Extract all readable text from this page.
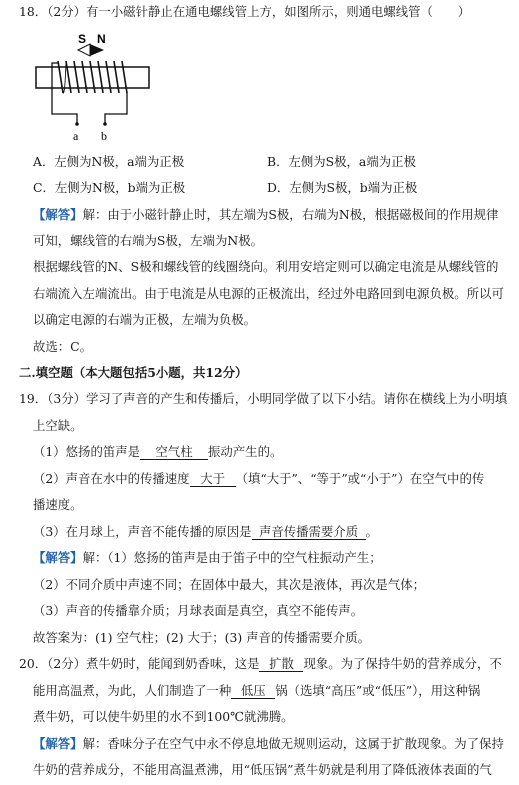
18．（2分）有一小磁针静止在通电螺线管上方，如图所示，则通电螺线管（　　）
S N
a b
A．左侧为N极，a端为正极	B．左侧为S极，a端为正极
C．左侧为N极，b端为正极	D．左侧为S极，b端为正极
【解答】解：由于小磁针静止时，其左端为S极，右端为N极，根据磁极间的作用规律
可知，螺线管的右端为S极，左端为N极。
根据螺线管的N、S极和螺线管的线圈绕向。利用安培定则可以确定电流是从螺线管的
右端流入左端流出。由于电流是从电源的正极流出，经过外电路回到电源负极。所以可
以确定电源的右端为正极，左端为负极。
故选：C。
二.填空题（本大题包括5小题，共12分）
19．（3分）学习了声音的产生和传播后，小明同学做了以下小结。请你在横线上为小明填
上空缺。
（1）悠扬的笛声是 空气柱 振动产生的。
（2）声音在水中的传播速度 大于 （填“大于”、“等于”或“小于”）在空气中的传
播速度。
（3）在月球上，声音不能传播的原因是 声音传播需要介质 。
【解答】解：（1）悠扬的笛声是由于笛子中的空气柱振动产生；
（2）不同介质中声速不同；在固体中最大，其次是液体，再次是气体；
（3）声音的传播靠介质；月球表面是真空，真空不能传声。
故答案为：(1) 空气柱；(2) 大于；(3) 声音的传播需要介质。
20．（2分）煮牛奶时，能闻到奶香味，这是 扩散 现象。为了保持牛奶的营养成分，不
能用高温煮，为此，人们制造了一种 低压 锅（选填“高压”或“低压”），用这种锅
煮牛奶，可以使牛奶里的水不到100℃就沸腾。
【解答】解：香味分子在空气中永不停息地做无规则运动，这属于扩散现象。为了保持
牛奶的营养成分，不能用高温煮沸，用“低压锅”煮牛奶就是利用了降低液体表面的气
